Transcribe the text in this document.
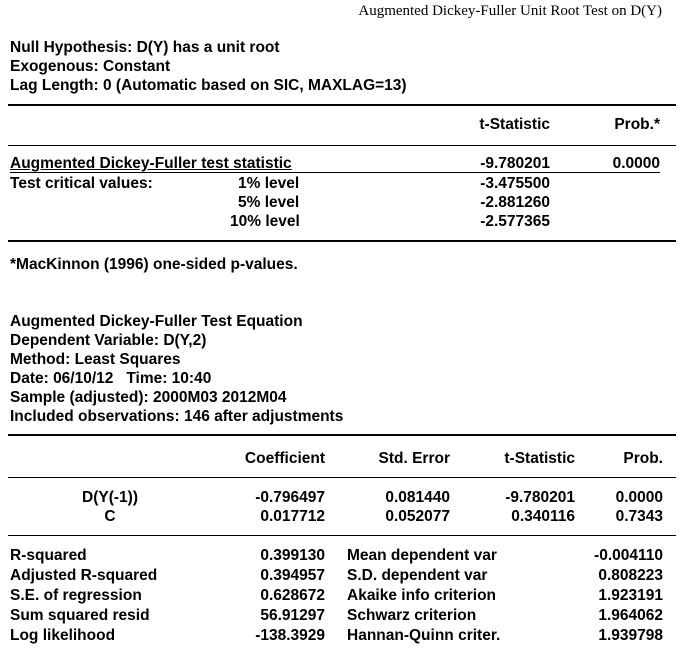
Augmented Dickey-Fuller Unit Root Test on D(Y)
Null Hypothesis: D(Y) has a unit root
Exogenous: Constant
Lag Length: 0 (Automatic based on SIC, MAXLAG=13)
t-Statistic	Prob.*
Augmented Dickey-Fuller test statistic	-9.780201	0.0000
Test critical values:	1% level	-3.475500
5% level	-2.881260
10% level	-2.577365
*MacKinnon (1996) one-sided p-values.
Augmented Dickey-Fuller Test Equation
Dependent Variable: D(Y,2)
Method: Least Squares
Date: 06/10/12   Time: 10:40
Sample (adjusted): 2000M03 2012M04
Included observations: 146 after adjustments
Coefficient	Std. Error	t-Statistic	Prob.
D(Y(-1))	-0.796497	0.081440	-9.780201	0.0000
C	0.017712	0.052077	0.340116	0.7343
R-squared	0.399130 Mean dependent var	-0.004110
Adjusted R-squared	0.394957 S.D. dependent var	0.808223
S.E. of regression	0.628672 Akaike info criterion	1.923191
Sum squared resid	56.91297 Schwarz criterion	1.964062
Log likelihood	-138.3929 Hannan-Quinn criter.	1.939798
